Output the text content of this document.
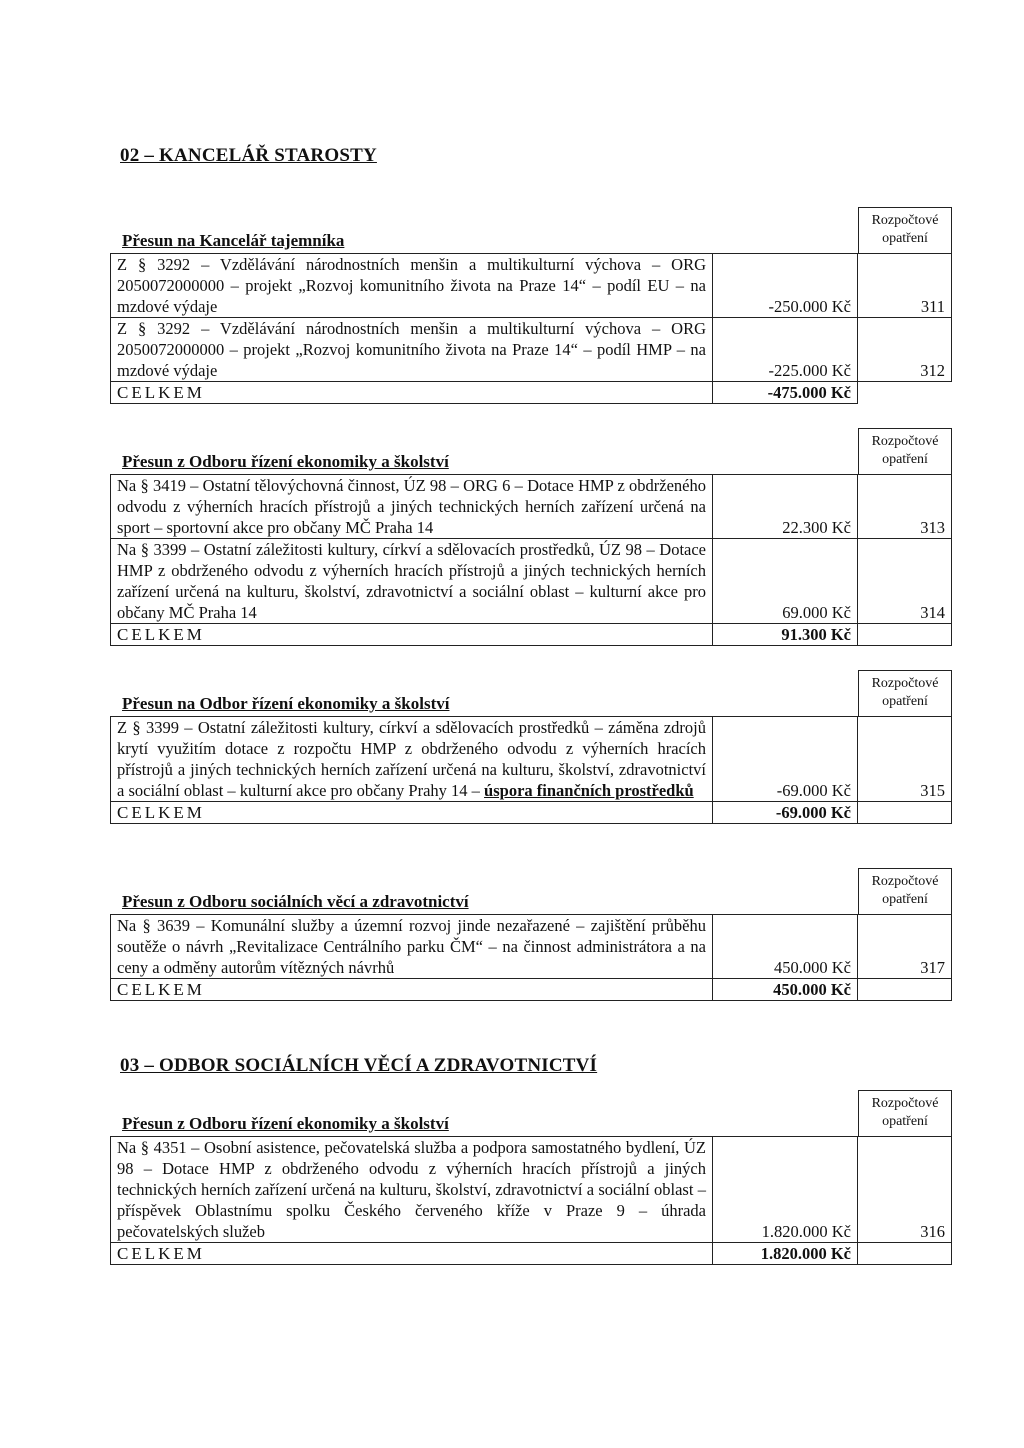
02 – KANCELÁŘ STAROSTY
Přesun na Kancelář tajemníka
Rozpočtové opatření
Z § 3292 – Vzdělávání národnostních menšin a multikulturní výchova – ORG 2050072000000 – projekt „Rozvoj komunitního života na Praze 14“ – podíl EU – na mzdové výdaje	-250.000 Kč	311
Z § 3292 – Vzdělávání národnostních menšin a multikulturní výchova – ORG 2050072000000 – projekt „Rozvoj komunitního života na Praze 14“ – podíl HMP – na mzdové výdaje	-225.000 Kč	312
CELKEM	-475.000 Kč	
Přesun z Odboru řízení ekonomiky a školství
Rozpočtové opatření
Na § 3419 – Ostatní tělovýchovná činnost, ÚZ 98 – ORG 6 – Dotace HMP z obdrženého odvodu z výherních hracích přístrojů a jiných technických herních zařízení určená na sport – sportovní akce pro občany MČ Praha 14	22.300 Kč	313
Na § 3399 – Ostatní záležitosti kultury, církví a sdělovacích prostředků, ÚZ 98 – Dotace HMP z obdrženého odvodu z výherních hracích přístrojů a jiných technických herních zařízení určená na kulturu, školství, zdravotnictví a sociální oblast – kulturní akce pro občany MČ Praha 14	69.000 Kč	314
CELKEM	91.300 Kč	
Přesun na Odbor řízení ekonomiky a školství
Rozpočtové opatření
Z § 3399 – Ostatní záležitosti kultury, církví a sdělovacích prostředků – záměna zdrojů krytí využitím dotace z rozpočtu HMP z obdrženého odvodu z výherních hracích přístrojů a jiných technických herních zařízení určená na kulturu, školství, zdravotnictví a sociální oblast – kulturní akce pro občany Prahy 14 – úspora finančních prostředků	-69.000 Kč	315
CELKEM	-69.000 Kč	
Přesun z Odboru sociálních věcí a zdravotnictví
Rozpočtové opatření
Na § 3639 – Komunální služby a územní rozvoj jinde nezařazené – zajištění průběhu soutěže o návrh „Revitalizace Centrálního parku ČM“ – na činnost administrátora a na ceny a odměny autorům vítězných návrhů	450.000 Kč	317
CELKEM	450.000 Kč	
03 – ODBOR SOCIÁLNÍCH VĚCÍ A ZDRAVOTNICTVÍ
Přesun z Odboru řízení ekonomiky a školství
Rozpočtové opatření
Na § 4351 – Osobní asistence, pečovatelská služba a podpora samostatného bydlení, ÚZ 98 – Dotace HMP z obdrženého odvodu z výherních hracích přístrojů a jiných technických herních zařízení určená na kulturu, školství, zdravotnictví a sociální oblast – příspěvek Oblastnímu spolku Českého červeného kříže v Praze 9 – úhrada pečovatelských služeb	1.820.000 Kč	316
CELKEM	1.820.000 Kč	
